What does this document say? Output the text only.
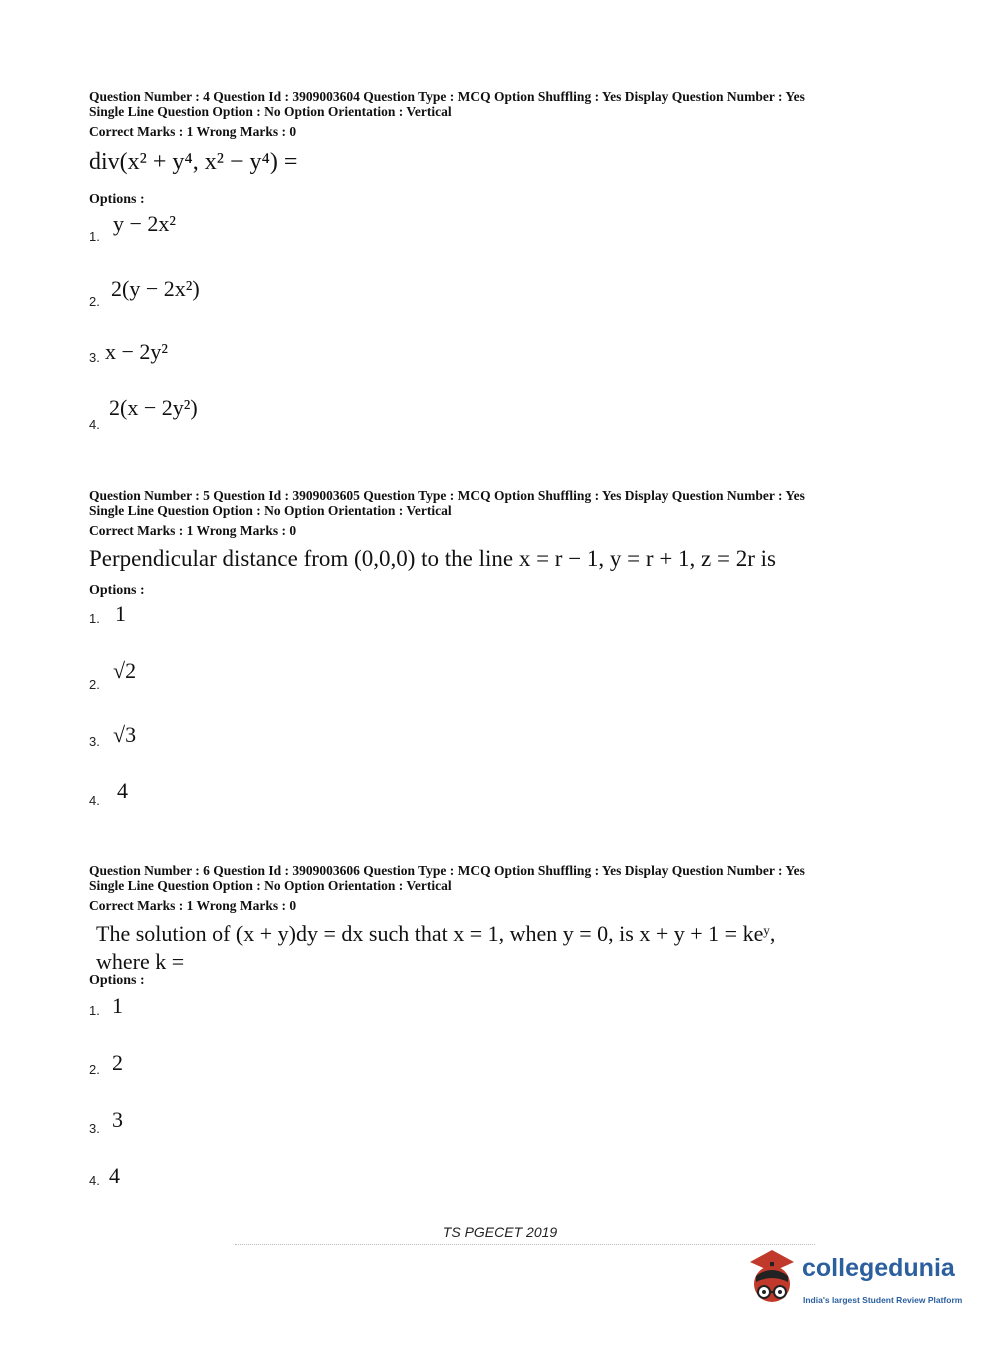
Question Number : 4 Question Id : 3909003604 Question Type : MCQ Option Shuffling : Yes Display Question Number : Yes

Single Line Question Option : No Option Orientation : Vertical

Correct Marks : 1 Wrong Marks : 0
div(x² + y⁴, x² − y⁴) =
Options :
1.
y − 2x²
2.
2(y − 2x²)
3. x − 2y²
4.
2(x − 2y²)

Question Number : 5 Question Id : 3909003605 Question Type : MCQ Option Shuffling : Yes Display Question Number : Yes

Single Line Question Option : No Option Orientation : Vertical

Correct Marks : 1 Wrong Marks : 0
Perpendicular distance from (0,0,0) to the line x = r − 1, y = r + 1, z = 2r is
Options :
1. 1
2.
√2
3. √3
4. 4

Question Number : 6 Question Id : 3909003606 Question Type : MCQ Option Shuffling : Yes Display Question Number : Yes

Single Line Question Option : No Option Orientation : Vertical

Correct Marks : 1 Wrong Marks : 0
The solution of (x + y)dy = dx such that x = 1, when y = 0, is x + y + 1 = keʸ,
where k =
Options :
1. 1
2. 2
3. 3
4. 4
TS PGECET 2019
collegedunia
India's largest Student Review Platform
